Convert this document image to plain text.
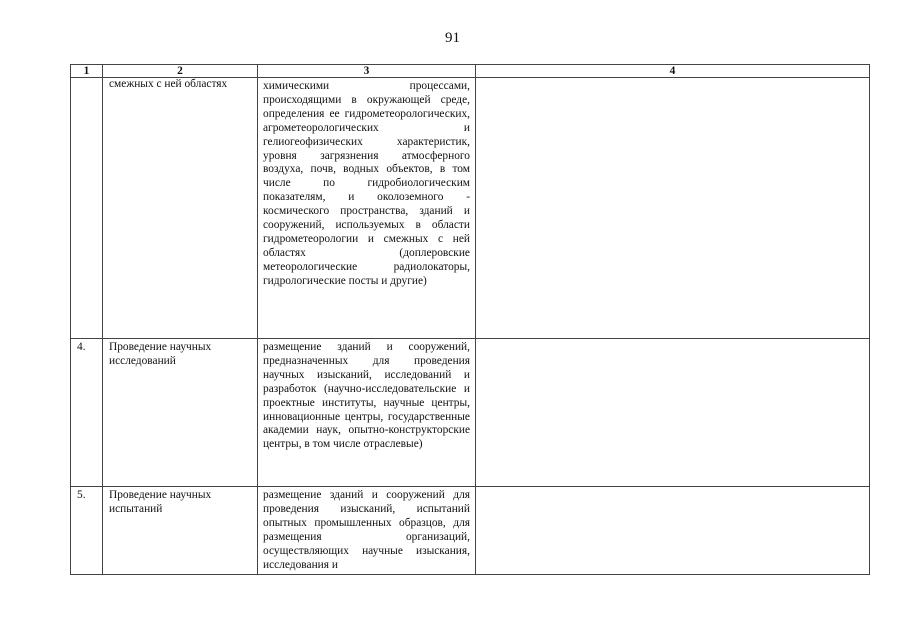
91
1	2	3	4
	смежных с ней областях	химическими процессами, происходящими в окружающей среде, определения ее гидрометеорологических, агрометеорологических и гелиогеофизических характеристик, уровня загрязнения атмосферного воздуха, почв, водных объектов, в том числе по гидробиологическим показателям, и околоземного - космического пространства, зданий и сооружений, используемых в области гидрометеорологии и смежных с ней областях (доплеровские метеорологические радиолокаторы, гидрологические посты и другие)	
4.	Проведение научных исследований	размещение зданий и сооружений, предназначенных для проведения научных изысканий, исследований и разработок (научно-исследовательские и проектные институты, научные центры, инновационные центры, государственные академии наук, опытно-конструкторские центры, в том числе отраслевые)	
5.	Проведение научных испытаний	размещение зданий и сооружений для проведения изысканий, испытаний опытных промышленных образцов, для размещения организаций, осуществляющих научные изыскания, исследования и	
